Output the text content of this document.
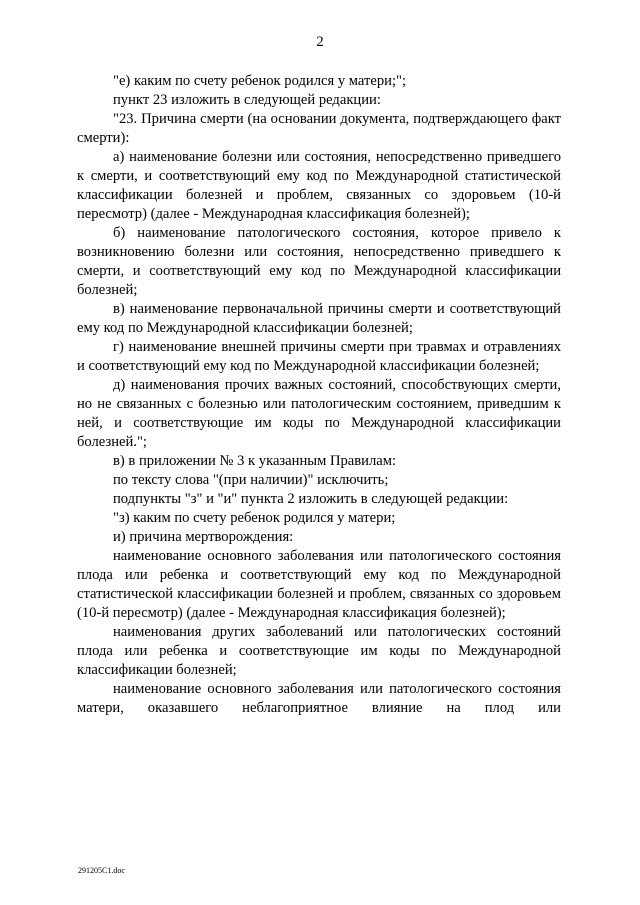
2

"е) каким по счету ребенок родился у матери;";

пункт 23 изложить в следующей редакции:

"23. Причина смерти (на основании документа, подтверждающего факт смерти):

а) наименование болезни или состояния, непосредственно приведшего к смерти, и соответствующий ему код по Международной статистической классификации болезней и проблем, связанных со здоровьем (10-й пересмотр) (далее - Международная классификация болезней);

б) наименование патологического состояния, которое привело к возникновению болезни или состояния, непосредственно приведшего к смерти, и соответствующий ему код по Международной классификации болезней;

в) наименование первоначальной причины смерти и соответствующий ему код по Международной классификации болезней;

г) наименование внешней причины смерти при травмах и отравлениях и соответствующий ему код по Международной классификации болезней;

д) наименования прочих важных состояний, способствующих смерти, но не связанных с болезнью или патологическим состоянием, приведшим к ней, и соответствующие им коды по Международной классификации болезней.";

в) в приложении № 3 к указанным Правилам:

по тексту слова "(при наличии)" исключить;

подпункты "з" и "и" пункта 2 изложить в следующей редакции:

"з) каким по счету ребенок родился у матери;

и) причина мертворождения:

наименование основного заболевания или патологического состояния плода или ребенка и соответствующий ему код по Международной статистической классификации болезней и проблем, связанных со здоровьем (10-й пересмотр) (далее - Международная классификация болезней);

наименования других заболеваний или патологических состояний плода или ребенка и соответствующие им коды по Международной классификации болезней;

наименование основного заболевания или патологического состояния матери, оказавшего неблагоприятное влияние на плод или

291205C1.doc
